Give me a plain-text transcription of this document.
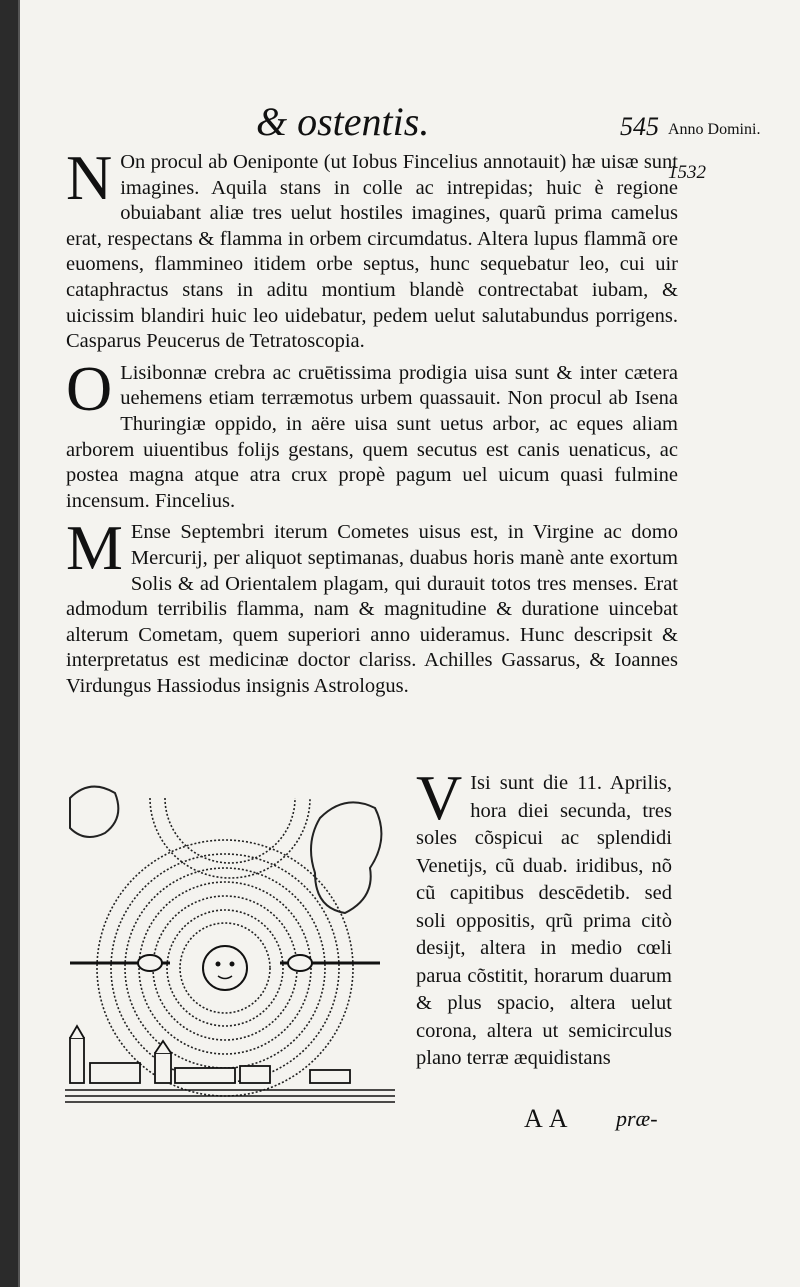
& ostentis.	545 Anno Domini.
1532

N On procul ab Oeniponte (ut Iobus Fincelius annotauit) hæ uisæ sunt imagines. Aquila stans in colle ac intrepidas; huic è regione obuiabant aliæ tres uelut hostiles imagines, quarũ prima camelus erat, respectans & flamma in orbem circumdatus. Altera lupus flammã ore euomens, flammineo itidem orbe septus, hunc sequebatur leo, cui uir cataphractus stans in aditu montium blandè contrectabat iubam, & uicissim blandiri huic leo uidebatur, pedem uelut salutabundus porrigens. Casparus Peucerus de Tetratoscopia.

O Lisibonnæ crebra ac cruētissima prodigia uisa sunt & inter cætera uehemens etiam terræmotus urbem quassauit. Non procul ab Isena Thuringiæ oppido, in aëre uisa sunt uetus arbor, ac eques aliam arborem uiuentibus folijs gestans, quem secutus est canis uenaticus, ac postea magna atque atra crux propè pagum uel uicum quasi fulmine incensum. Fincelius.

M Ense Septembri iterum Cometes uisus est, in Virgine ac domo Mercurij, per aliquot septimanas, duabus horis manè ante exortum Solis & ad Orientalem plagam, qui durauit totos tres menses. Erat admodum terribilis flamma, nam & magnitudine & duratione uincebat alterum Cometam, quem superiori anno uideramus. Hunc descripsit & interpretatus est medicinæ doctor clariss. Achilles Gassarus, & Ioannes Virdungus Hassiodus insignis Astrologus.

V Isi sunt die 11. Aprilis, hora diei secunda, tres soles cõspicui ac splendidi Venetijs, cũ duab. iridibus, nõ cũ capitibus descēdetib. sed soli oppositis, qrũ prima citò desijt, altera in medio cœli parua cõstitit, horarum duarum & plus spacio, altera uelut corona, altera ut semicirculus plano terræ æquidistans
AA præ-
